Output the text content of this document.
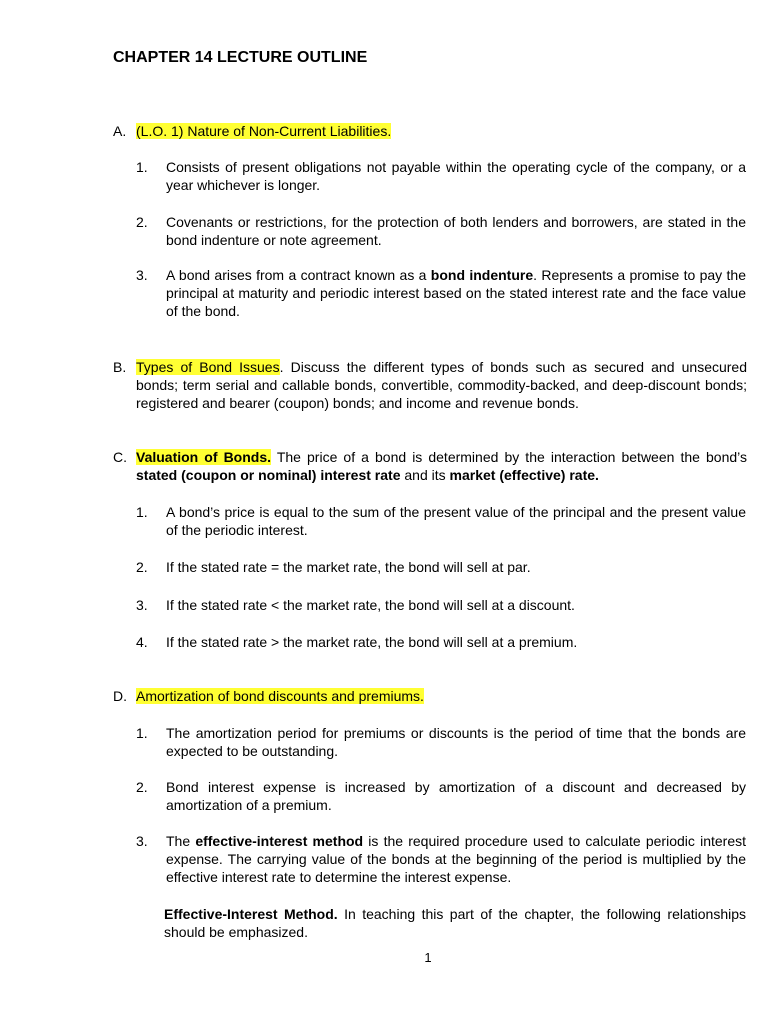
CHAPTER 14 LECTURE OUTLINE
A. (L.O. 1) Nature of Non-Current Liabilities.
1. Consists of present obligations not payable within the operating cycle of the company, or a year whichever is longer.

2. Covenants or restrictions, for the protection of both lenders and borrowers, are stated in the bond indenture or note agreement.

3. A bond arises from a contract known as a bond indenture. Represents a promise to pay the principal at maturity and periodic interest based on the stated interest rate and the face value of the bond.

B. Types of Bond Issues. Discuss the different types of bonds such as secured and unsecured bonds; term serial and callable bonds, convertible, commodity-backed, and deep-discount bonds; registered and bearer (coupon) bonds; and income and revenue bonds.
C. Valuation of Bonds. The price of a bond is determined by the interaction between the bond’s stated (coupon or nominal) interest rate and its market (effective) rate.
1. A bond’s price is equal to the sum of the present value of the principal and the present value of the periodic interest.

2. If the stated rate = the market rate, the bond will sell at par.

3. If the stated rate < the market rate, the bond will sell at a discount.

4. If the stated rate > the market rate, the bond will sell at a premium.

D. Amortization of bond discounts and premiums.
1. The amortization period for premiums or discounts is the period of time that the bonds are expected to be outstanding.

2. Bond interest expense is increased by amortization of a discount and decreased by amortization of a premium.

3. The effective-interest method is the required procedure used to calculate periodic interest expense. The carrying value of the bonds at the beginning of the period is multiplied by the effective interest rate to determine the interest expense.

Effective-Interest Method. In teaching this part of the chapter, the following relationships should be emphasized.
1
